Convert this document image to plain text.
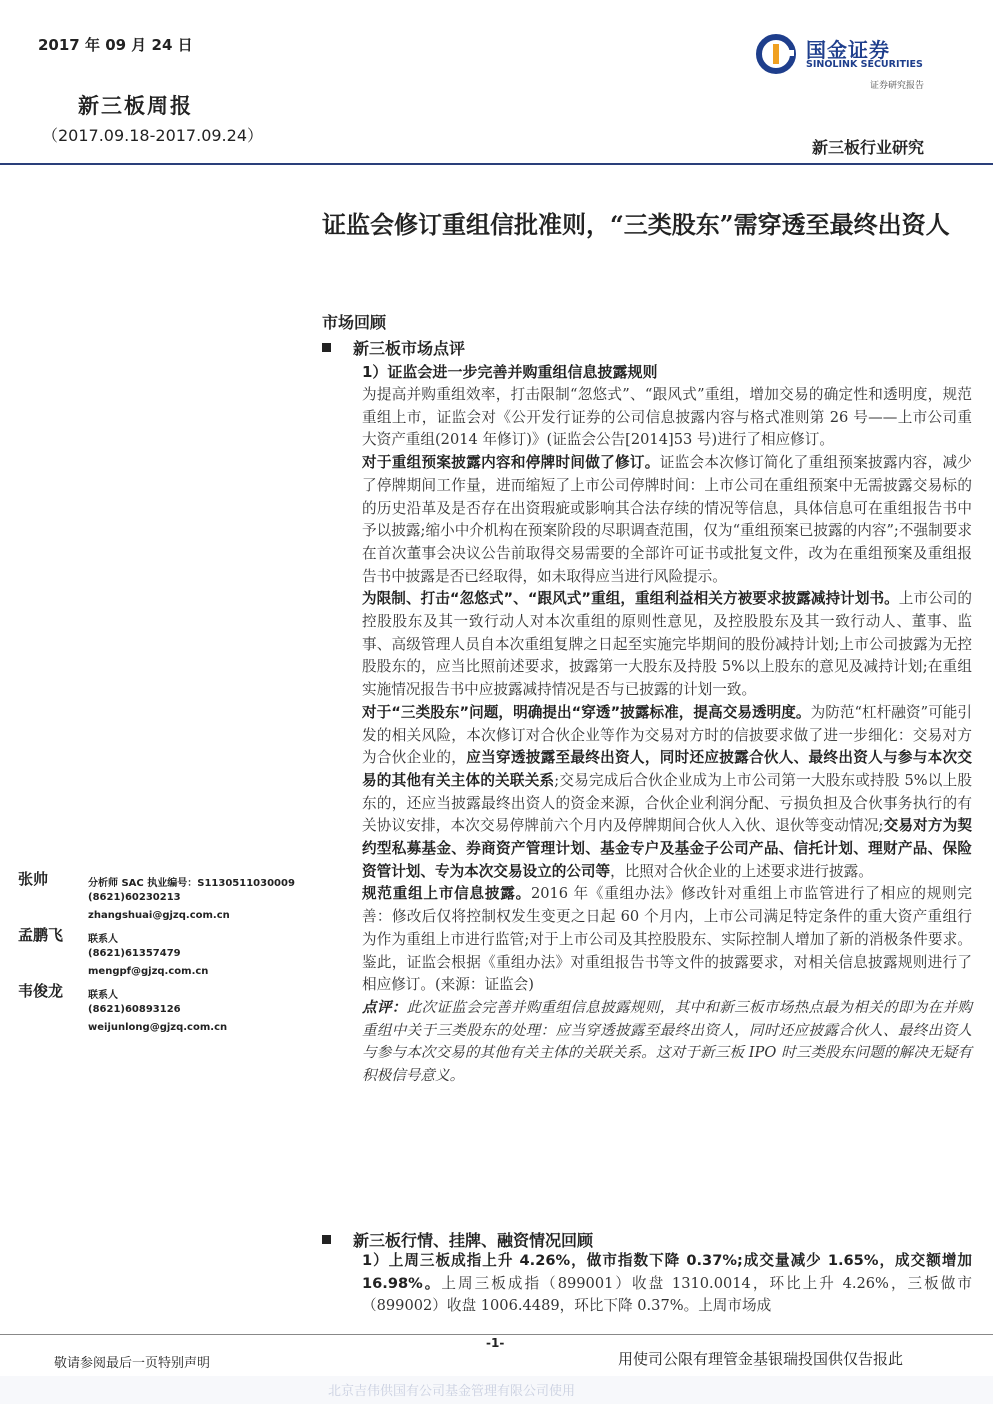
2017 年 09 月 24 日	国金证券
SINOLINK SECURITIES
证券研究报告
新三板周报
（2017.09.18-2017.09.24）
新三板行业研究
证监会修订重组信批准则，“三类股东”需穿透至最终出资人
市场回顾
新三板市场点评
1）证监会进一步完善并购重组信息披露规则

为提高并购重组效率，打击限制“忽悠式”、“跟风式”重组，增加交易的确定性和透明度，规范重组上市，证监会对《公开发行证券的公司信息披露内容与格式准则第 26 号——上市公司重大资产重组(2014 年修订)》(证监会公告[2014]53 号)进行了相应修订。

对于重组预案披露内容和停牌时间做了修订。证监会本次修订简化了重组预案披露内容，减少了停牌期间工作量，进而缩短了上市公司停牌时间：上市公司在重组预案中无需披露交易标的的历史沿革及是否存在出资瑕疵或影响其合法存续的情况等信息，具体信息可在重组报告书中予以披露;缩小中介机构在预案阶段的尽职调查范围，仅为“重组预案已披露的内容”;不强制要求在首次董事会决议公告前取得交易需要的全部许可证书或批复文件，改为在重组预案及重组报告书中披露是否已经取得，如未取得应当进行风险提示。

为限制、打击“忽悠式”、“跟风式”重组，重组利益相关方被要求披露减持计划书。上市公司的控股股东及其一致行动人对本次重组的原则性意见，及控股股东及其一致行动人、董事、监事、高级管理人员自本次重组复牌之日起至实施完毕期间的股份减持计划;上市公司披露为无控股股东的，应当比照前述要求，披露第一大股东及持股 5%以上股东的意见及减持计划;在重组实施情况报告书中应披露减持情况是否与已披露的计划一致。

对于“三类股东”问题，明确提出“穿透”披露标准，提高交易透明度。为防范“杠杆融资”可能引发的相关风险，本次修订对合伙企业等作为交易对方时的信披要求做了进一步细化：交易对方为合伙企业的，应当穿透披露至最终出资人，同时还应披露合伙人、最终出资人与参与本次交易的其他有关主体的关联关系;交易完成后合伙企业成为上市公司第一大股东或持股 5%以上股东的，还应当披露最终出资人的资金来源，合伙企业利润分配、亏损负担及合伙事务执行的有关协议安排，本次交易停牌前六个月内及停牌期间合伙人入伙、退伙等变动情况;交易对方为契约型私募基金、券商资产管理计划、基金专户及基金子公司产品、信托计划、理财产品、保险资管计划、专为本次交易设立的公司等，比照对合伙企业的上述要求进行披露。

规范重组上市信息披露。2016 年《重组办法》修改针对重组上市监管进行了相应的规则完善：修改后仅将控制权发生变更之日起 60 个月内，上市公司满足特定条件的重大资产重组行为作为重组上市进行监管;对于上市公司及其控股股东、实际控制人增加了新的消极条件要求。鉴此，证监会根据《重组办法》对重组报告书等文件的披露要求，对相关信息披露规则进行了相应修订。(来源：证监会)

点评：此次证监会完善并购重组信息披露规则，其中和新三板市场热点最为相关的即为在并购重组中关于三类股东的处理：应当穿透披露至最终出资人，同时还应披露合伙人、最终出资人与参与本次交易的其他有关主体的关联关系。这对于新三板 IPO 时三类股东问题的解决无疑有积极信号意义。

新三板行情、挂牌、融资情况回顾
1）上周三板成指上升 4.26%，做市指数下降 0.37%;成交量减少 1.65%，成交额增加 16.98%。上周三板成指（899001）收盘 1310.0014，环比上升 4.26%，三板做市（899002）收盘 1006.4489，环比下降 0.37%。上周市场成
张帅	分析师 SAC 执业编号：S1130511030009
(8621)60230213
zhangshuai@gjzq.com.cn
孟鹏飞 联系人
(8621)61357479
mengpf@gjzq.com.cn
韦俊龙 联系人
(8621)60893126
weijunlong@gjzq.com.cn
-1-
敬请参阅最后一页特别声明	用使司公限有理管金基银瑞投国供仅告报此
北京吉伟供国有公司基金管理有限公司使用
